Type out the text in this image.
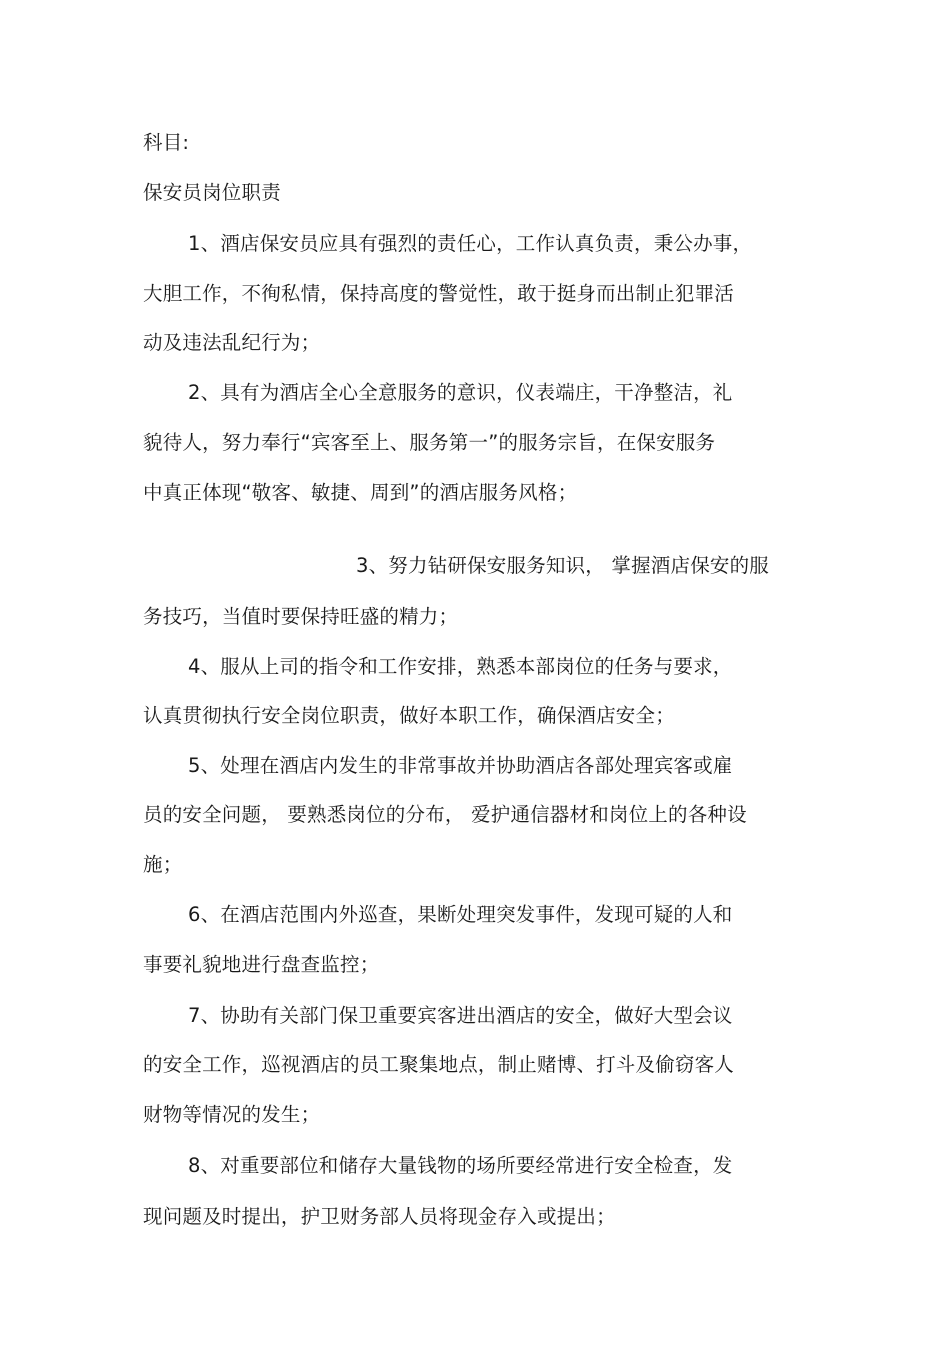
科目:
保安员岗位职责
1、酒店保安员应具有强烈的责任心，工作认真负责，秉公办事，
大胆工作，不徇私情，保持高度的警觉性，敢于挺身而出制止犯罪活
动及违法乱纪行为；
2、具有为酒店全心全意服务的意识，仪表端庄，干净整洁，礼
貌待人，努力奉行“宾客至上、服务第一”的服务宗旨，在保安服务
中真正体现“敬客、敏捷、周到”的酒店服务风格；
3、努力钻研保安服务知识， 掌握酒店保安的服
务技巧，当值时要保持旺盛的精力；
4、服从上司的指令和工作安排，熟悉本部岗位的任务与要求，
认真贯彻执行安全岗位职责，做好本职工作，确保酒店安全；
5、处理在酒店内发生的非常事故并协助酒店各部处理宾客或雇
员的安全问题， 要熟悉岗位的分布， 爱护通信器材和岗位上的各种设
施；
6、在酒店范围内外巡查，果断处理突发事件，发现可疑的人和
事要礼貌地进行盘查监控；
7、协助有关部门保卫重要宾客进出酒店的安全，做好大型会议
的安全工作，巡视酒店的员工聚集地点，制止赌博、打斗及偷窃客人
财物等情况的发生；
8、对重要部位和储存大量钱物的场所要经常进行安全检查，发
现问题及时提出，护卫财务部人员将现金存入或提出；
